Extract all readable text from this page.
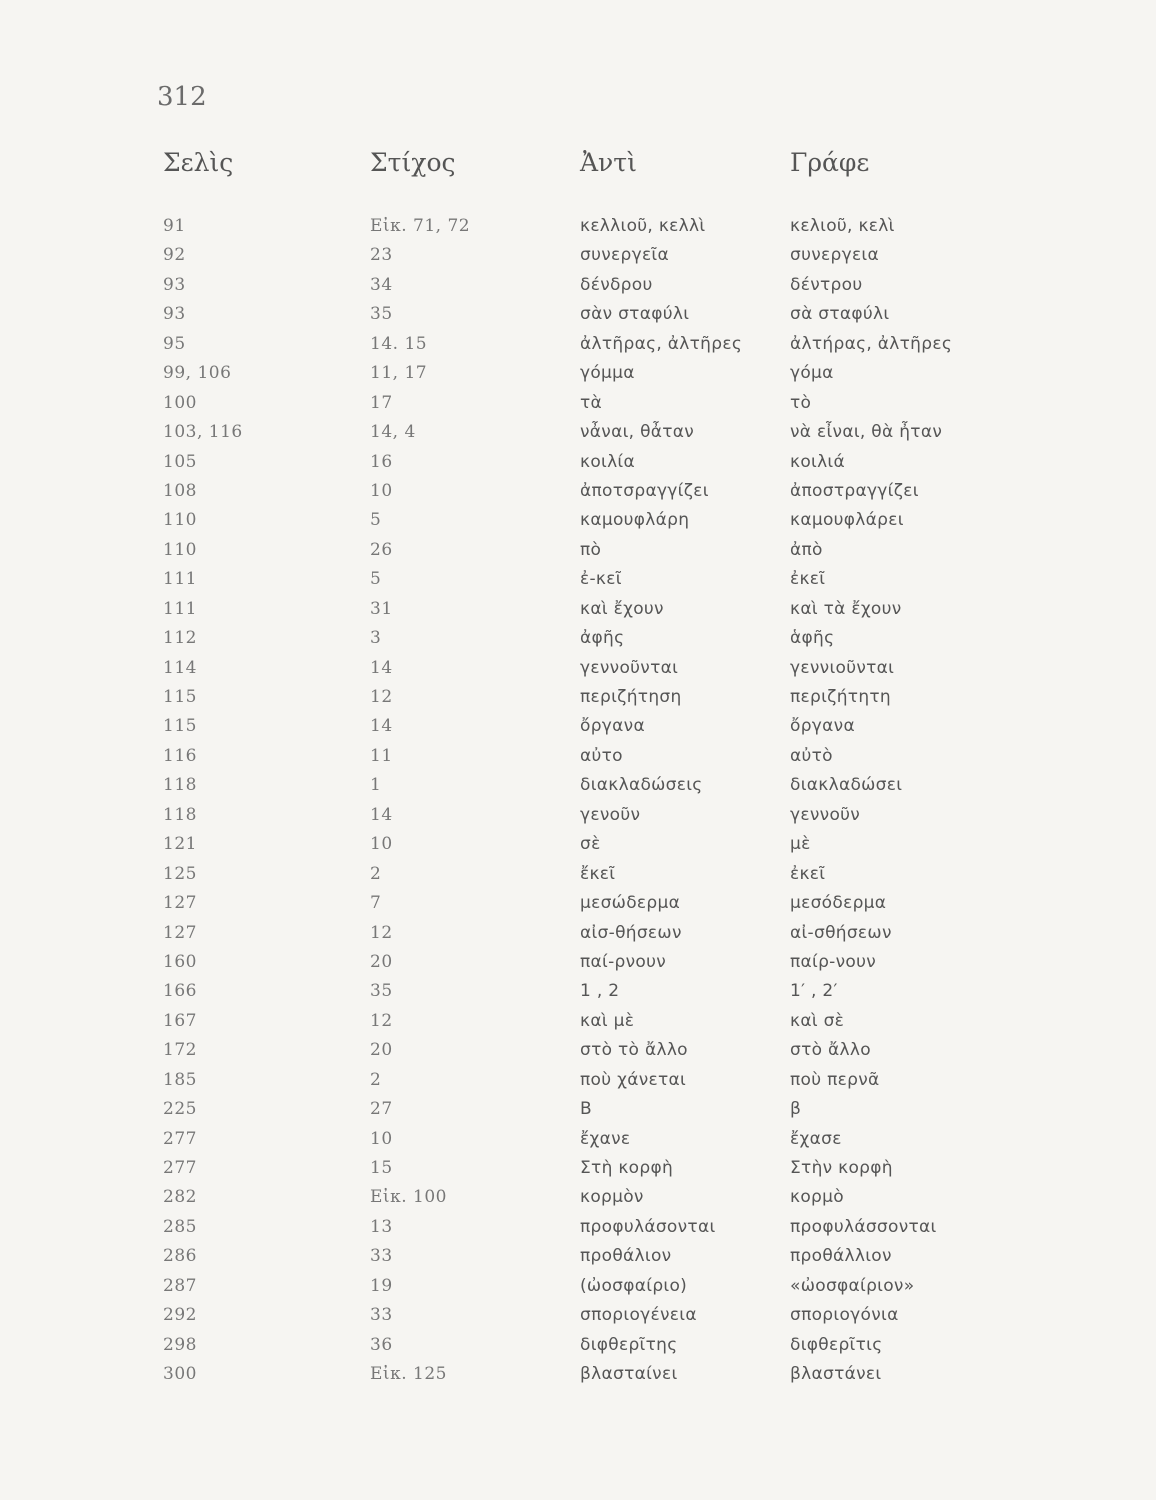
312
Σελὶς	Στίχος	Ἀντὶ	Γράφε
91	Εἰκ. 71, 72	κελλιοῦ, κελλὶ	κελιοῦ, κελὶ
92	23	συνεργεῖα	συνεργεια
93	34	δένδρου	δέντρου
93	35	σὰν σταφύλι	σὰ σταφύλι
95	14. 15	ἀλτῆρας, ἀλτῆρες	ἀλτήρας, ἀλτῆρες
99, 106	11, 17	γόμμα	γόμα
100	17	τὰ	τὸ
103, 116	14, 4	νἆναι, θἆταν	νὰ εἶναι, θὰ ἦταν
105	16	κοιλία	κοιλιά
108	10	ἀποτσραγγίζει	ἀποστραγγίζει
110	5	καμουφλάρη	καμουφλάρει
110	26	πὸ	ἀπὸ
111	5	ἐ-κεῖ	ἐκεῖ
111	31	καὶ ἔχουν	καὶ τὰ ἔχουν
112	3	ἀφῆς	ἁφῆς
114	14	γεννοῦνται	γεννιοῦνται
115	12	περιζήτηση	περιζήτητη
115	14	ὄργανα	ὄργανα
116	11	αὐτο	αὐτὸ
118	1	διακλαδώσεις	διακλαδώσει
118	14	γενοῦν	γεννοῦν
121	10	σὲ	μὲ
125	2	ἔκεῖ	ἐκεῖ
127	7	μεσώδερμα	μεσόδερμα
127	12	αἰσ-θήσεων	αἰ-σθήσεων
160	20	παί-ρνουν	παίρ-νουν
166	35	1 , 2	1′ , 2′
167	12	καὶ μὲ	καὶ σὲ
172	20	στὸ τὸ ἄλλο	στὸ ἄλλο
185	2	ποὺ χάνεται	ποὺ περνᾶ
225	27	Β	β
277	10	ἔχανε	ἔχασε
277	15	Στὴ κορφὴ	Στὴν κορφὴ
282	Εἰκ. 100	κορμὸν	κορμὸ
285	13	προφυλάσονται	προφυλάσσονται
286	33	προθάλιον	προθάλλιον
287	19	(ὠοσφαίριο)	«ὠοσφαίριον»
292	33	σποριογένεια	σποριογόνια
298	36	διφθερῖτης	διφθερῖτις
300	Εἰκ. 125	βλασταίνει	βλαστάνει
